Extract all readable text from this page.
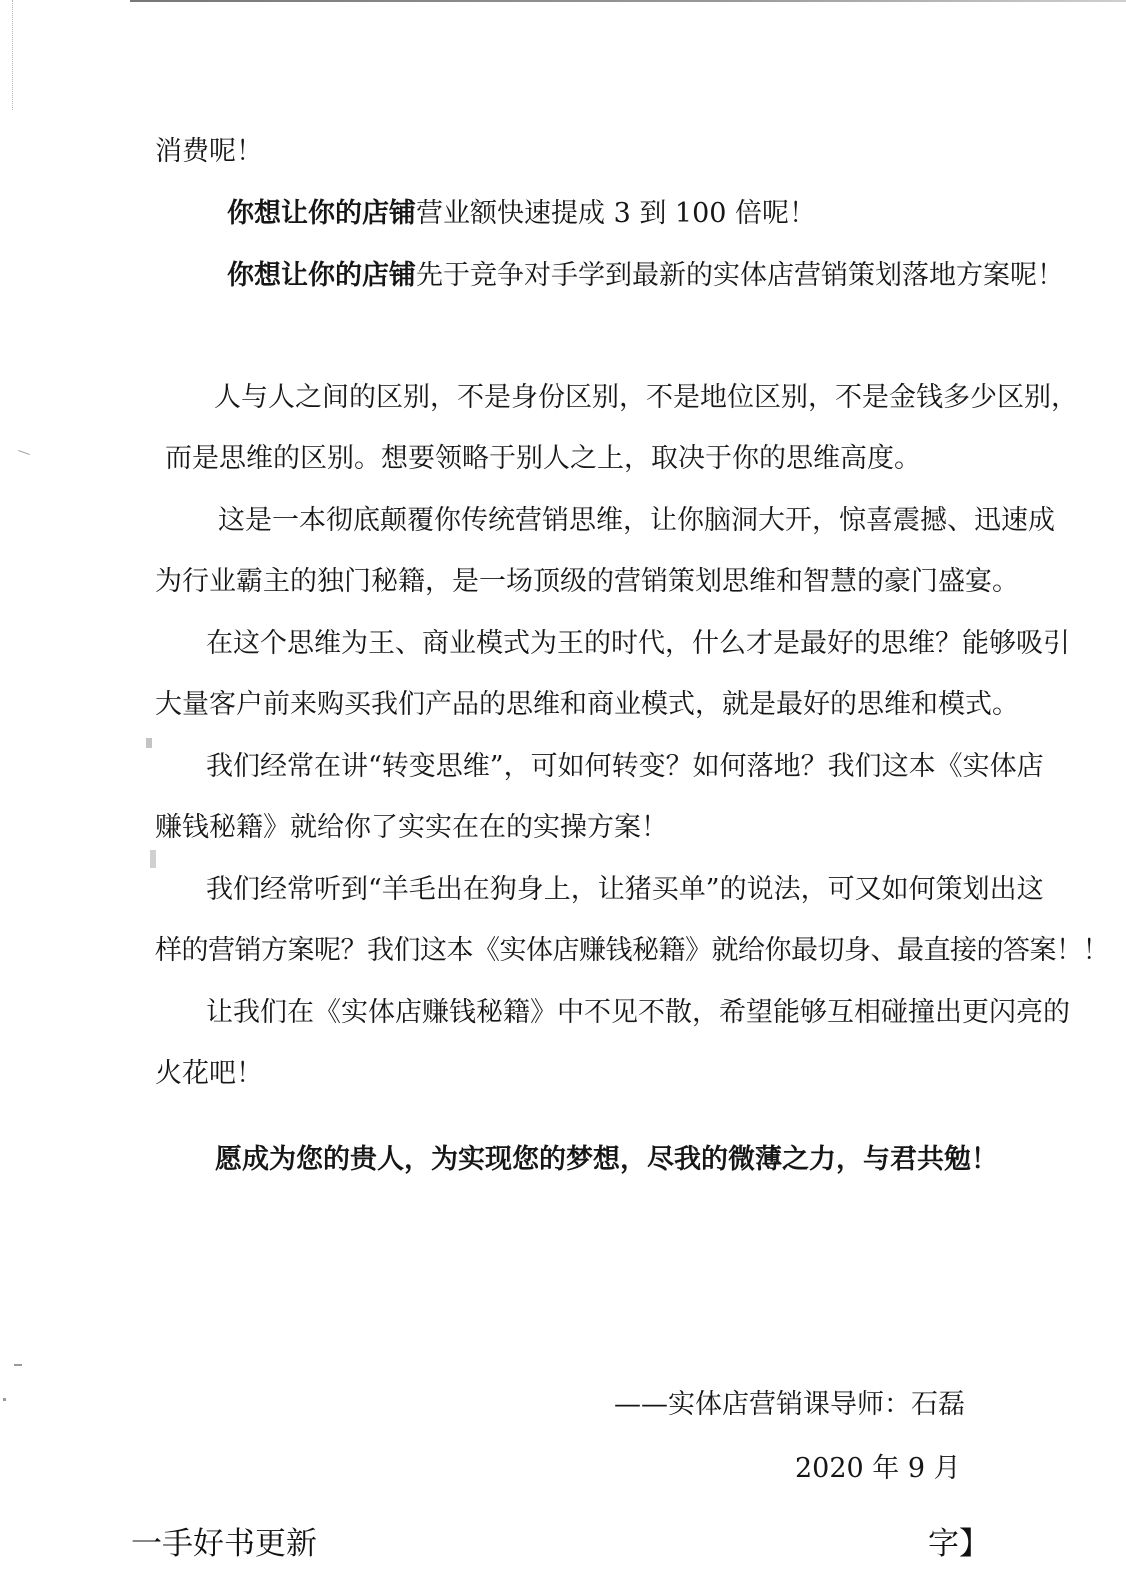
消费呢！
你想让你的店铺营业额快速提成 3 到 100 倍呢！
你想让你的店铺先于竞争对手学到最新的实体店营销策划落地方案呢！
人与人之间的区别，不是身份区别，不是地位区别，不是金钱多少区别，
而是思维的区别。想要领略于别人之上，取决于你的思维高度。
这是一本彻底颠覆你传统营销思维，让你脑洞大开，惊喜震撼、迅速成
为行业霸主的独门秘籍，是一场顶级的营销策划思维和智慧的豪门盛宴。
在这个思维为王、商业模式为王的时代，什么才是最好的思维？能够吸引
大量客户前来购买我们产品的思维和商业模式，就是最好的思维和模式。
我们经常在讲“转变思维”，可如何转变？如何落地？我们这本《实体店
赚钱秘籍》就给你了实实在在的实操方案！
我们经常听到“羊毛出在狗身上，让猪买单”的说法，可又如何策划出这
样的营销方案呢？我们这本《实体店赚钱秘籍》就给你最切身、最直接的答案！！
让我们在《实体店赚钱秘籍》中不见不散，希望能够互相碰撞出更闪亮的
火花吧！
愿成为您的贵人，为实现您的梦想，尽我的微薄之力，与君共勉！
——实体店营销课导师：石磊
2020 年 9 月
一手好书更新	字】
